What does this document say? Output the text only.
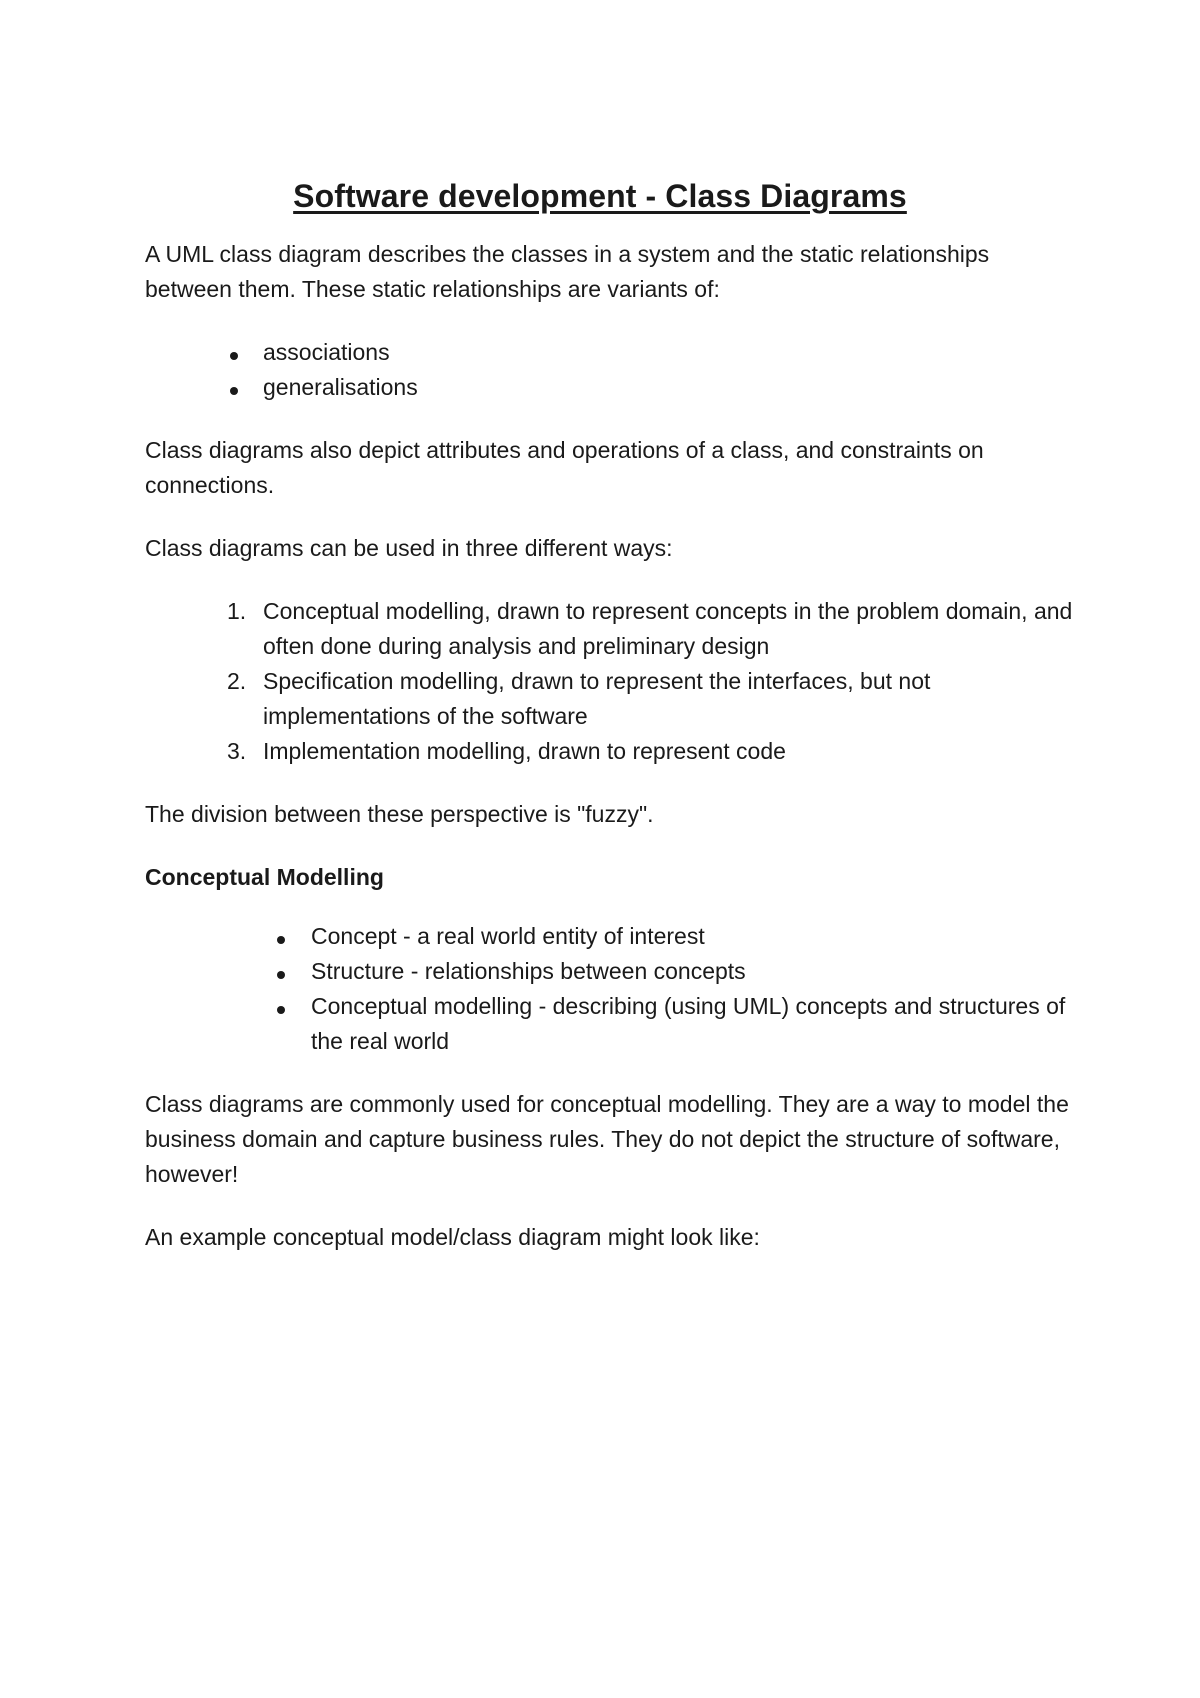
Software development - Class Diagrams

A UML class diagram describes the classes in a system and the static relationships between them. These static relationships are variants of:

associations
generalisations

Class diagrams also depict attributes and operations of a class, and constraints on connections.

Class diagrams can be used in three different ways:

1. Conceptual modelling, drawn to represent concepts in the problem domain, and often done during analysis and preliminary design
2. Specification modelling, drawn to represent the interfaces, but not implementations of the software
3. Implementation modelling, drawn to represent code

The division between these perspective is "fuzzy".

Conceptual Modelling

Concept - a real world entity of interest
Structure - relationships between concepts
Conceptual modelling - describing (using UML) concepts and structures of the real world

Class diagrams are commonly used for conceptual modelling. They are a way to model the business domain and capture business rules. They do not depict the structure of software, however!

An example conceptual model/class diagram might look like:
